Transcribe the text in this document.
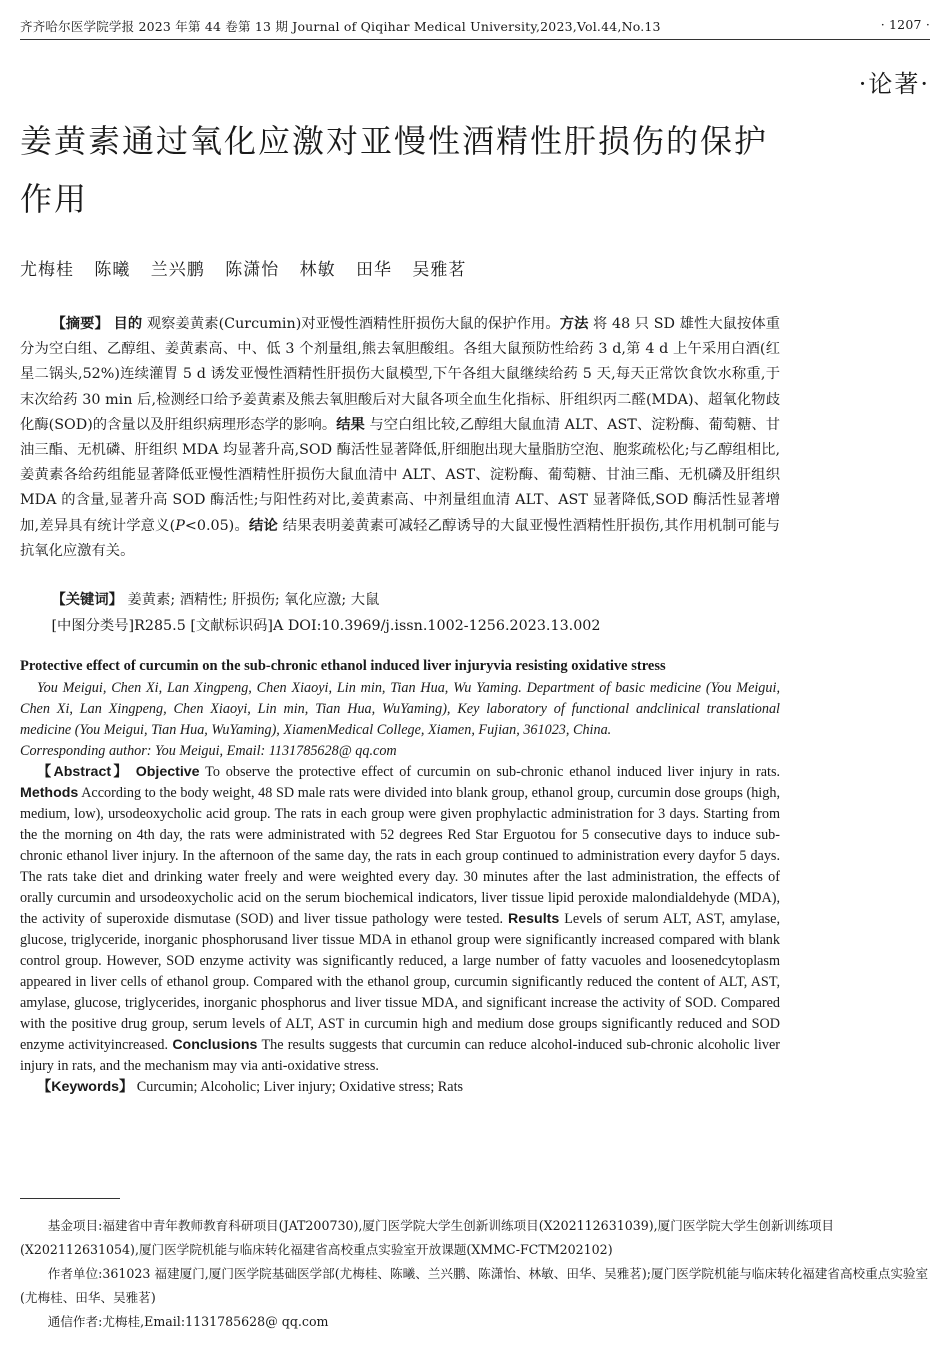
齐齐哈尔医学院学报 2023 年第 44 卷第 13 期 Journal of Qiqihar Medical University,2023,Vol.44,No.13	· 1207 ·
·论著·
姜黄素通过氧化应激对亚慢性酒精性肝损伤的保护作用
尤梅桂 陈曦 兰兴鹏 陈潇怡 林敏 田华 吴雅茗

【摘要】 目的 观察姜黄素(Curcumin)对亚慢性酒精性肝损伤大鼠的保护作用。方法 将 48 只 SD 雄性大鼠按体重分为空白组、乙醇组、姜黄素高、中、低 3 个剂量组,熊去氧胆酸组。各组大鼠预防性给药 3 d,第 4 d 上午采用白酒(红星二锅头,52%)连续灌胃 5 d 诱发亚慢性酒精性肝损伤大鼠模型,下午各组大鼠继续给药 5 天,每天正常饮食饮水称重,于末次给药 30 min 后,检测经口给予姜黄素及熊去氧胆酸后对大鼠各项全血生化指标、肝组织丙二醛(MDA)、超氧化物歧化酶(SOD)的含量以及肝组织病理形态学的影响。结果 与空白组比较,乙醇组大鼠血清 ALT、AST、淀粉酶、葡萄糖、甘油三酯、无机磷、肝组织 MDA 均显著升高,SOD 酶活性显著降低,肝细胞出现大量脂肪空泡、胞浆疏松化;与乙醇组相比,姜黄素各给药组能显著降低亚慢性酒精性肝损伤大鼠血清中 ALT、AST、淀粉酶、葡萄糖、甘油三酯、无机磷及肝组织 MDA 的含量,显著升高 SOD 酶活性;与阳性药对比,姜黄素高、中剂量组血清 ALT、AST 显著降低,SOD 酶活性显著增加,差异具有统计学意义(P<0.05)。结论 结果表明姜黄素可减轻乙醇诱导的大鼠亚慢性酒精性肝损伤,其作用机制可能与抗氧化应激有关。

【关键词】 姜黄素; 酒精性; 肝损伤; 氧化应激; 大鼠
[中图分类号]R285.5 [文献标识码]A DOI:10.3969/j.issn.1002-1256.2023.13.002
Protective effect of curcumin on the sub-chronic ethanol induced liver injuryvia resisting oxidative stress

You Meigui, Chen Xi, Lan Xingpeng, Chen Xiaoyi, Lin min, Tian Hua, Wu Yaming. Department of basic medicine (You Meigui, Chen Xi, Lan Xingpeng, Chen Xiaoyi, Lin min, Tian Hua, WuYaming), Key laboratory of functional andclinical translational medicine (You Meigui, Tian Hua, WuYaming), XiamenMedical College, Xiamen, Fujian, 361023, China.

Corresponding author: You Meigui, Email: 1131785628@ qq.com

【Abstract】 Objective To observe the protective effect of curcumin on sub-chronic ethanol induced liver injury in rats. Methods According to the body weight, 48 SD male rats were divided into blank group, ethanol group, curcumin dose groups (high, medium, low), ursodeoxycholic acid group. The rats in each group were given prophylactic administration for 3 days. Starting from the the morning on 4th day, the rats were administrated with 52 degrees Red Star Erguotou for 5 consecutive days to induce sub-chronic ethanol liver injury. In the afternoon of the same day, the rats in each group continued to administration every dayfor 5 days. The rats take diet and drinking water freely and were weighted every day. 30 minutes after the last administration, the effects of orally curcumin and ursodeoxycholic acid on the serum biochemical indicators, liver tissue lipid peroxide malondialdehyde (MDA), the activity of superoxide dismutase (SOD) and liver tissue pathology were tested. Results Levels of serum ALT, AST, amylase, glucose, triglyceride, inorganic phosphorusand liver tissue MDA in ethanol group were significantly increased compared with blank control group. However, SOD enzyme activity was significantly reduced, a large number of fatty vacuoles and loosenedcytoplasm appeared in liver cells of ethanol group. Compared with the ethanol group, curcumin significantly reduced the content of ALT, AST, amylase, glucose, triglycerides, inorganic phosphorus and liver tissue MDA, and significant increase the activity of SOD. Compared with the positive drug group, serum levels of ALT, AST in curcumin high and medium dose groups significantly reduced and SOD enzyme activityincreased. Conclusions The results suggests that curcumin can reduce alcohol-induced sub-chronic alcoholic liver injury in rats, and the mechanism may via anti-oxidative stress.

【Keywords】 Curcumin; Alcoholic; Liver injury; Oxidative stress; Rats

基金项目:福建省中青年教师教育科研项目(JAT200730),厦门医学院大学生创新训练项目(X202112631039),厦门医学院大学生创新训练项目(X202112631054),厦门医学院机能与临床转化福建省高校重点实验室开放课题(XMMC-FCTM202102)

作者单位:361023 福建厦门,厦门医学院基础医学部(尤梅桂、陈曦、兰兴鹏、陈潇怡、林敏、田华、吴雅茗);厦门医学院机能与临床转化福建省高校重点实验室(尤梅桂、田华、吴雅茗)

通信作者:尤梅桂,Email:1131785628@ qq.com
